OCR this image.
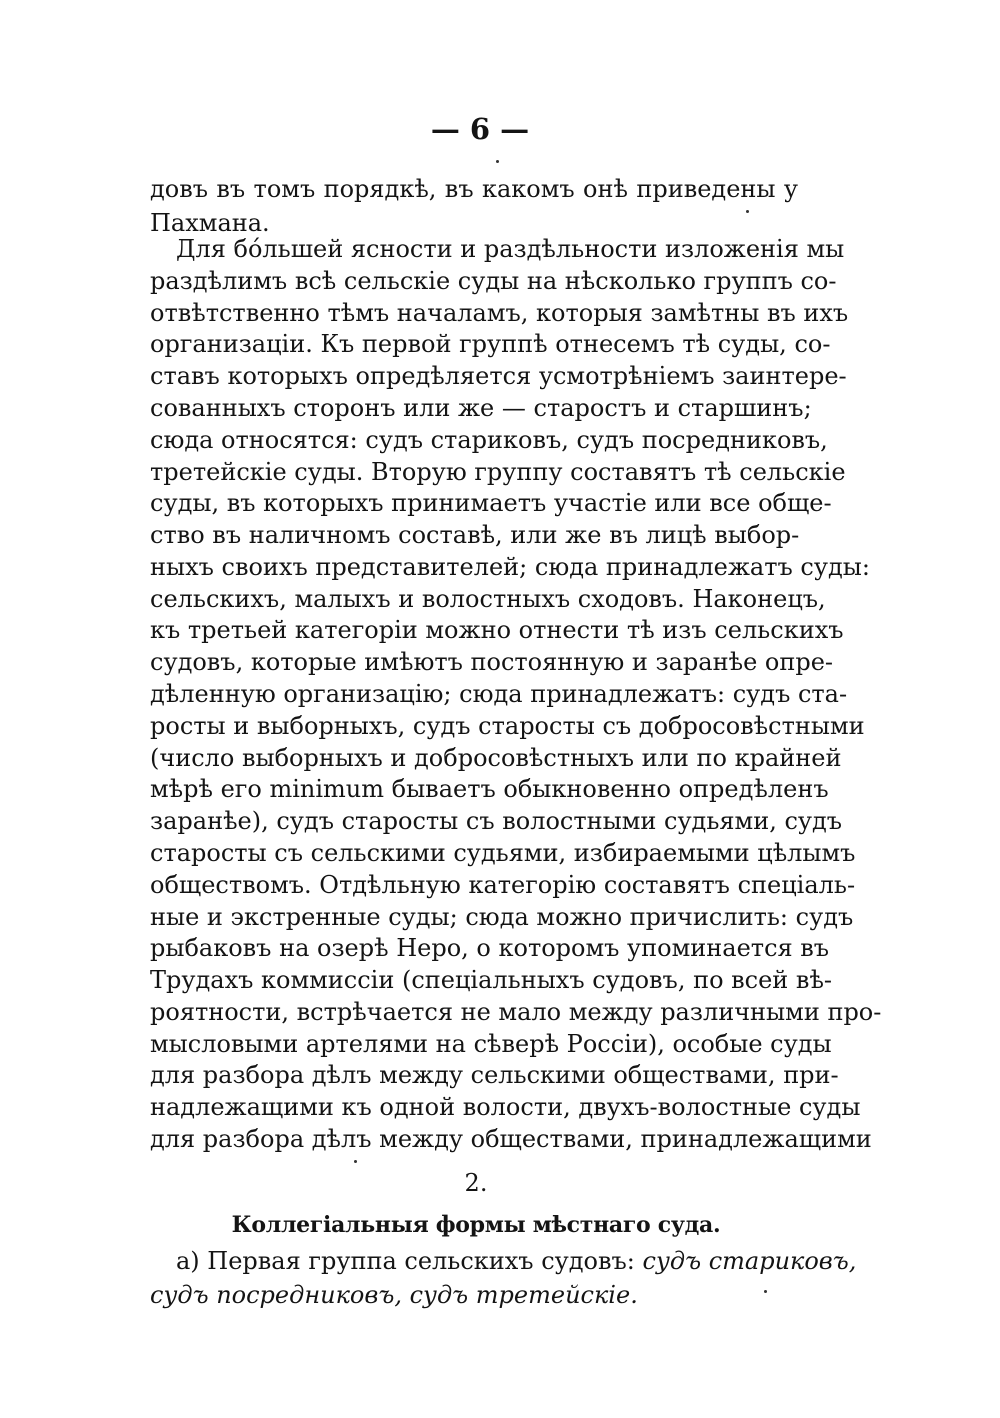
— 6 —
довъ въ томъ порядкѣ, въ какомъ онѣ приведены у
Пахмана.
Для бóльшей ясности и раздѣльности изложенія мы
раздѣлимъ всѣ сельскіе суды на нѣсколько группъ со-
отвѣтственно тѣмъ началамъ, которыя замѣтны въ ихъ
организаціи. Къ первой группѣ отнесемъ тѣ суды, со-
ставъ которыхъ опредѣляется усмотрѣніемъ заинтере-
сованныхъ сторонъ или же — старостъ и старшинъ;
сюда относятся: судъ стариковъ, судъ посредниковъ,
третейскіе суды. Вторую группу составятъ тѣ сельскіе
суды, въ которыхъ принимаетъ участіе или все обще-
ство въ наличномъ составѣ, или же въ лицѣ выбор-
ныхъ своихъ представителей; сюда принадлежатъ суды:
сельскихъ, малыхъ и волостныхъ сходовъ. Наконецъ,
къ третьей категоріи можно отнести тѣ изъ сельскихъ
судовъ, которые имѣютъ постоянную и заранѣе опре-
дѣленную организацію; сюда принадлежатъ: судъ ста-
росты и выборныхъ, судъ старосты съ добросовѣстными
(число выборныхъ и добросовѣстныхъ или по крайней
мѣрѣ его minimum бываетъ обыкновенно опредѣленъ
заранѣе), судъ старосты съ волостными судьями, судъ
старосты съ сельскими судьями, избираемыми цѣлымъ
обществомъ. Отдѣльную категорію составятъ спеціаль-
ные и экстренные суды; сюда можно причислить: судъ
рыбаковъ на озерѣ Неро, о которомъ упоминается въ
Трудахъ коммиссіи (спеціальныхъ судовъ, по всей вѣ-
роятности, встрѣчается не мало между различными про-
мысловыми артелями на сѣверѣ Россіи), особые суды
для разбора дѣлъ между сельскими обществами, при-
надлежащими къ одной волости, двухъ-волостные суды
для разбора дѣлъ между обществами, принадлежащими
2.
Коллегіальныя формы мѣстнаго суда.
а) Первая группа сельскихъ судовъ: судъ стариковъ,
судъ посредниковъ, судъ третейскіе.
